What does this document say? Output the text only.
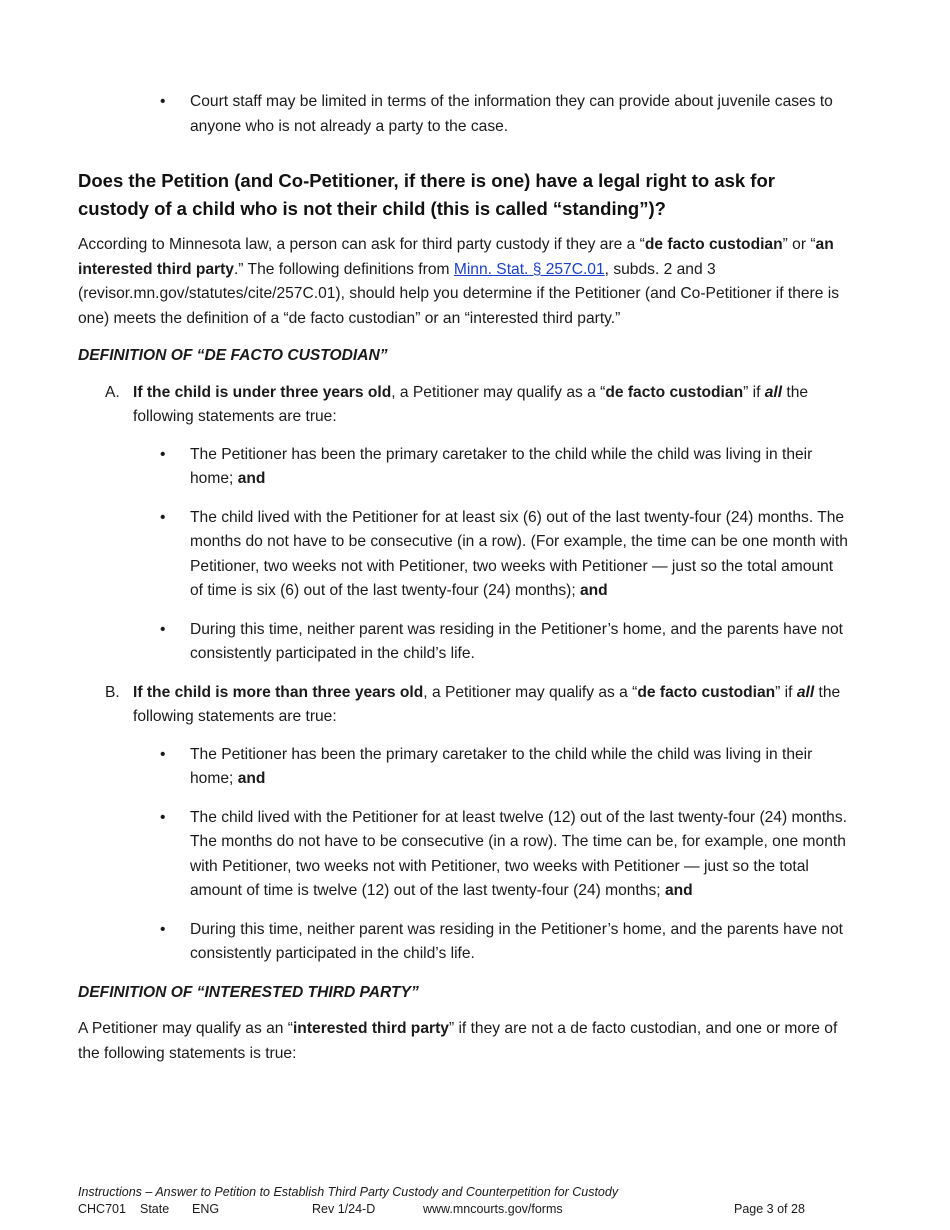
• Court staff may be limited in terms of the information they can provide about juvenile cases to anyone who is not already a party to the case.
Does the Petition (and Co-Petitioner, if there is one) have a legal right to ask for custody of a child who is not their child (this is called “standing”)?

According to Minnesota law, a person can ask for third party custody if they are a “de facto custodian” or “an interested third party.” The following definitions from Minn. Stat. § 257C.01, subds. 2 and 3 (revisor.mn.gov/statutes/cite/257C.01), should help you determine if the Petitioner (and Co-Petitioner if there is one) meets the definition of a “de facto custodian” or an “interested third party.”

DEFINITION OF “DE FACTO CUSTODIAN”
A. If the child is under three years old, a Petitioner may qualify as a “de facto custodian” if all the following statements are true:
• The Petitioner has been the primary caretaker to the child while the child was living in their home; and
• The child lived with the Petitioner for at least six (6) out of the last twenty-four (24) months. The months do not have to be consecutive (in a row). (For example, the time can be one month with Petitioner, two weeks not with Petitioner, two weeks with Petitioner — just so the total amount of time is six (6) out of the last twenty-four (24) months); and
• During this time, neither parent was residing in the Petitioner’s home, and the parents have not consistently participated in the child’s life.
B. If the child is more than three years old, a Petitioner may qualify as a “de facto custodian” if all the following statements are true:
• The Petitioner has been the primary caretaker to the child while the child was living in their home; and
• The child lived with the Petitioner for at least twelve (12) out of the last twenty-four (24) months. The months do not have to be consecutive (in a row). The time can be, for example, one month with Petitioner, two weeks not with Petitioner, two weeks with Petitioner — just so the total amount of time is twelve (12) out of the last twenty-four (24) months; and
• During this time, neither parent was residing in the Petitioner’s home, and the parents have not consistently participated in the child’s life.
DEFINITION OF “INTERESTED THIRD PARTY”

A Petitioner may qualify as an “interested third party” if they are not a de facto custodian, and one or more of the following statements is true:

Instructions – Answer to Petition to Establish Third Party Custody and Counterpetition for Custody
CHC701 State ENG	Rev 1/24-D	www.mncourts.gov/forms	Page 3 of 28
